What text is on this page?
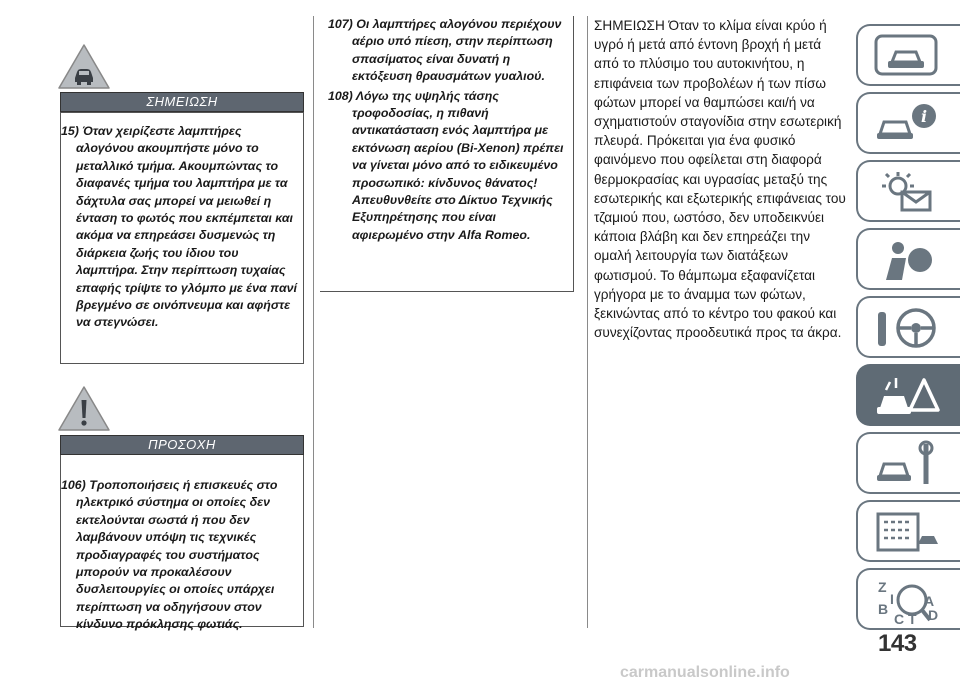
ΣΗΜΕΙΩΣΗ

15) Όταν χειρίζεστε λαμπτήρες αλογόνου ακουμπήστε μόνο το μεταλλικό τμήμα. Ακουμπώντας το διαφανές τμήμα του λαμπτήρα με τα δάχτυλα σας μπορεί να μειωθεί η ένταση το φωτός που εκπέμπεται και ακόμα να επηρεάσει δυσμενώς τη διάρκεια ζωής του ίδιου του λαμπτήρα. Στην περίπτωση τυχαίας επαφής τρίψτε το γλόμπο με ένα πανί βρεγμένο σε οινόπνευμα και αφήστε να στεγνώσει.

ΠΡΟΣΟΧΗ

106) Τροποποιήσεις ή επισκευές στο ηλεκτρικό σύστημα οι οποίες δεν εκτελούνται σωστά ή που δεν λαμβάνουν υπόψη τις τεχνικές προδιαγραφές του συστήματος μπορούν να προκαλέσουν δυσλειτουργίες οι οποίες υπάρχει περίπτωση να οδηγήσουν στον κίνδυνο πρόκλησης φωτιάς.

107) Οι λαμπτήρες αλογόνου περιέχουν αέριο υπό πίεση, στην περίπτωση σπασίματος είναι δυνατή η εκτόξευση θραυσμάτων γυαλιού.

108) Λόγω της υψηλής τάσης τροφοδοσίας, η πιθανή αντικατάσταση ενός λαμπτήρα με εκτόνωση αερίου (Bi-Xenon) πρέπει να γίνεται μόνο από το ειδικευμένο προσωπικό: κίνδυνος θάνατος! Απευθυνθείτε στο Δίκτυο Τεχνικής Εξυπηρέτησης που είναι αφιερωμένο στην Alfa Romeo.

ΣΗΜΕΙΩΣΗ Όταν το κλίμα είναι κρύο ή υγρό ή μετά από έντονη βροχή ή μετά από το πλύσιμο του αυτοκινήτου, η επιφάνεια των προβολέων ή των πίσω φώτων μπορεί να θαμπώσει και/ή να σχηματιστούν σταγονίδια στην εσωτερική πλευρά. Πρόκειται για ένα φυσικό φαινόμενο που οφείλεται στη διαφορά θερμοκρασίας και υγρασίας μεταξύ της εσωτερικής και εξωτερικής επιφάνειας του τζαμιού που, ωστόσο, δεν υποδεικνύει κάποια βλάβη και δεν επηρεάζει την ομαλή λειτουργία των διατάξεων φωτισμού. Το θάμπωμα εξαφανίζεται γρήγορα με το άναμμα των φώτων, ξεκινώντας από το κέντρο του φακού και συνεχίζοντας προοδευτικά προς τα άκρα.
i
Z
A
B
C D
T
I
143
carmanualsonline.info
